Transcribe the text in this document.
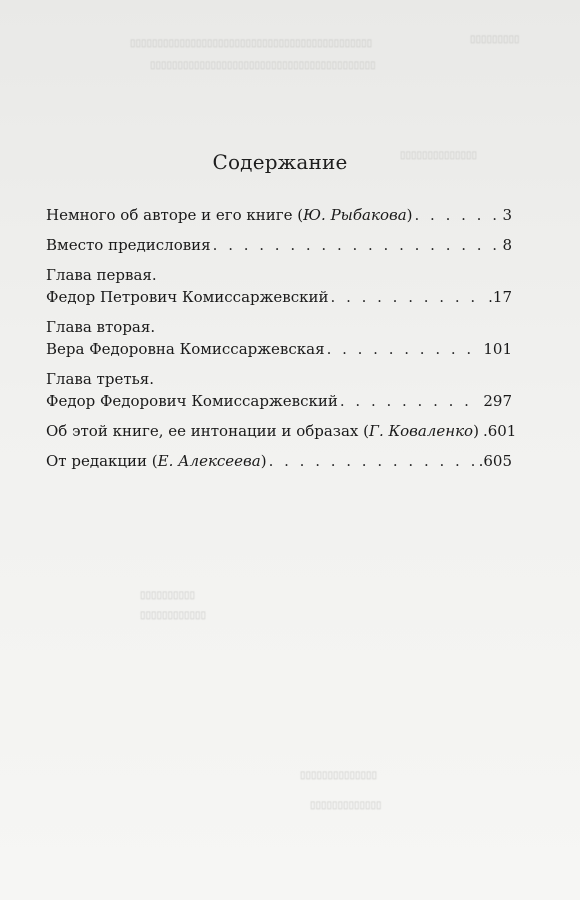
▯▯▯▯▯▯▯▯▯
▯▯▯▯▯▯▯▯▯▯▯▯▯▯▯▯▯▯▯▯▯▯▯▯▯▯▯▯▯▯▯▯▯▯▯▯▯▯▯▯▯▯▯▯
▯▯▯▯▯▯▯▯▯▯▯▯▯▯▯▯▯▯▯▯▯▯▯▯▯▯▯▯▯▯▯▯▯▯▯▯▯▯▯▯▯
▯▯▯▯▯▯▯▯▯▯▯▯▯▯
▯▯▯▯▯▯▯▯▯▯
▯▯▯▯▯▯▯▯▯▯▯▯
▯▯▯▯▯▯▯▯▯▯▯▯▯▯
▯▯▯▯▯▯▯▯▯▯▯▯▯
Содержание
Немного об авторе и его книге (Ю. Рыбакова) . . .	3
Вместо предисловия . . .	8
Глава первая.
Федор Петрович Комиссаржевский . . .	.17
Глава вторая.
Вера Федоровна Комиссаржевская . . .	101
Глава третья.
Федор Федорович Комиссаржевский . . .	297
Об этой книге, ее интонации и образах (Г. Коваленко) .601
От редакции (Е. Алексеева) . . .	.605
